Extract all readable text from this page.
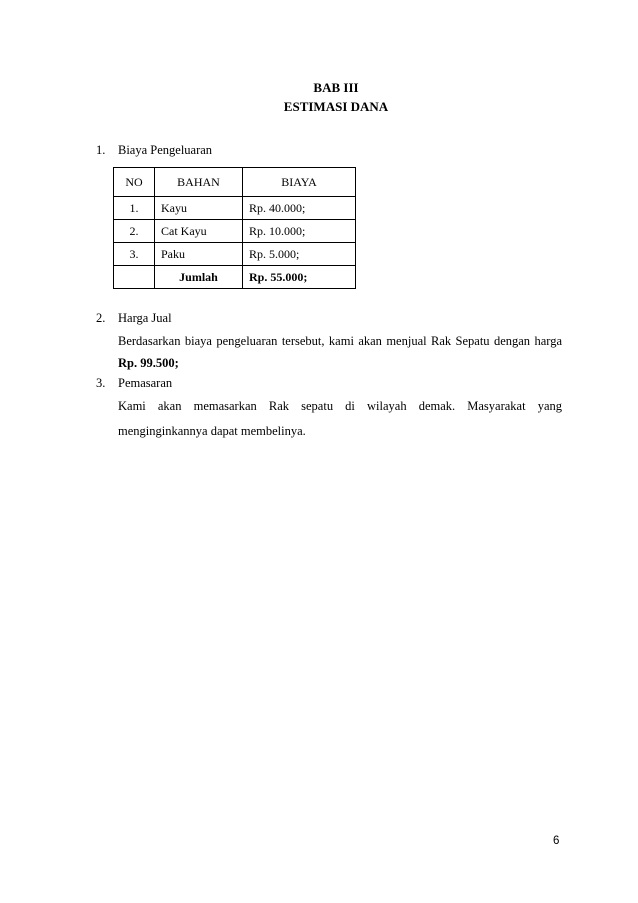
BAB III
ESTIMASI DANA
1. Biaya Pengeluaran
NO	BAHAN	BIAYA
1.	Kayu	Rp. 40.000;
2.	Cat Kayu	Rp. 10.000;
3.	Paku	Rp. 5.000;
	Jumlah	Rp. 55.000;
2. Harga Jual
Berdasarkan biaya pengeluaran tersebut, kami akan menjual Rak Sepatu dengan harga
Rp. 99.500;
3. Pemasaran
Kami akan memasarkan Rak sepatu di wilayah demak. Masyarakat yang
menginginkannya dapat membelinya.
6
